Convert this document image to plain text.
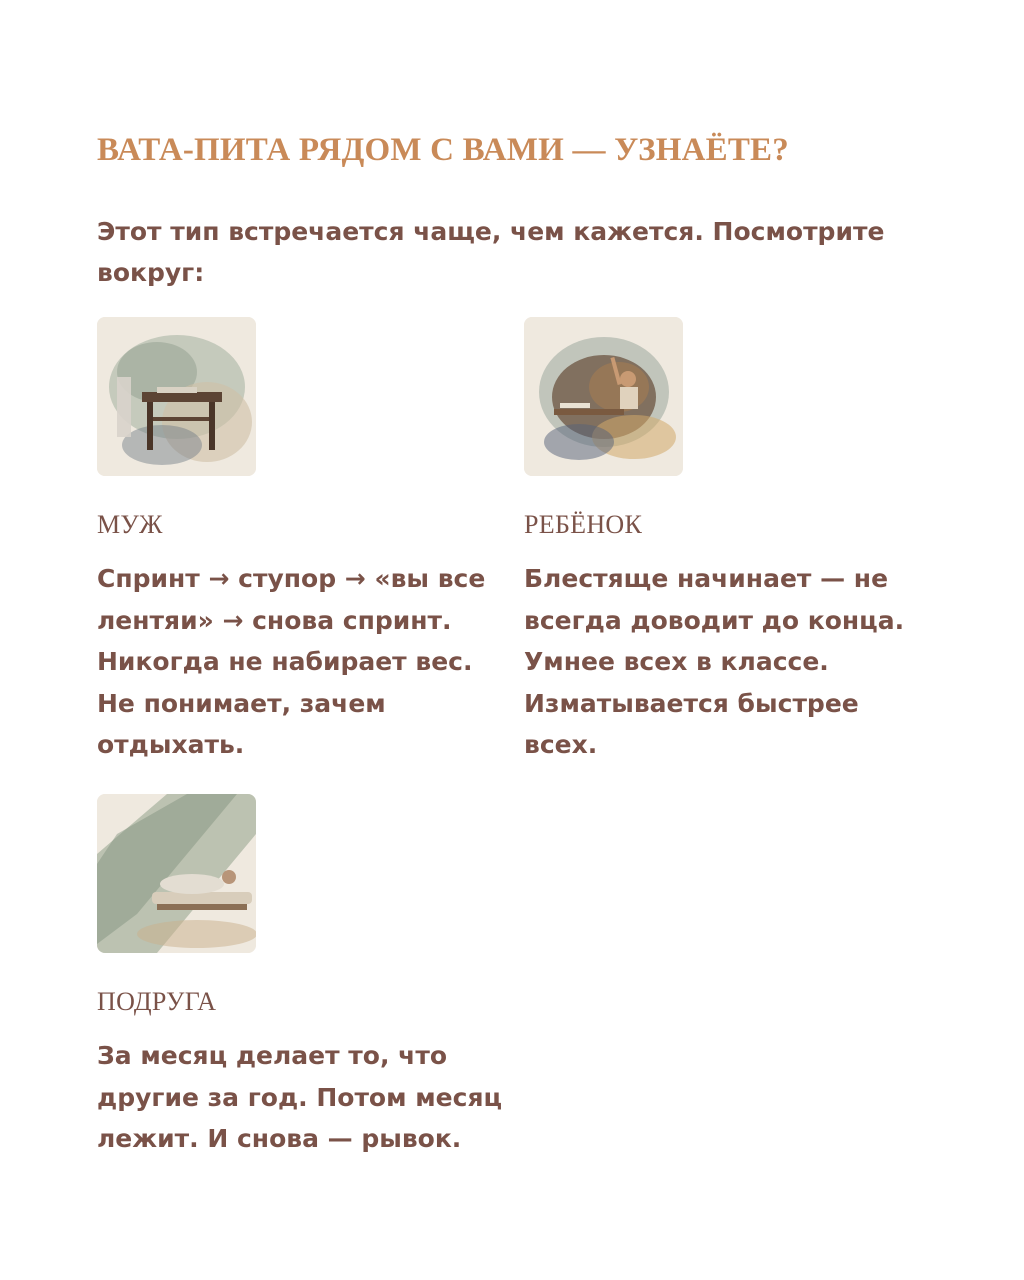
ВАТА-ПИТА РЯДОМ С ВАМИ — УЗНАЁТЕ?

Этот тип встречается чаще, чем кажется. Посмотрите
вокруг:

МУЖ
Спринт → ступор → «вы все
лентяи» → снова спринт.
Никогда не набирает вес.
Не понимает, зачем
отдыхать.
РЕБЁНОК
Блестяще начинает — не
всегда доводит до конца.
Умнее всех в классе.
Изматывается быстрее
всех.
ПОДРУГА
За месяц делает то, что
другие за год. Потом месяц
лежит. И снова — рывок.
